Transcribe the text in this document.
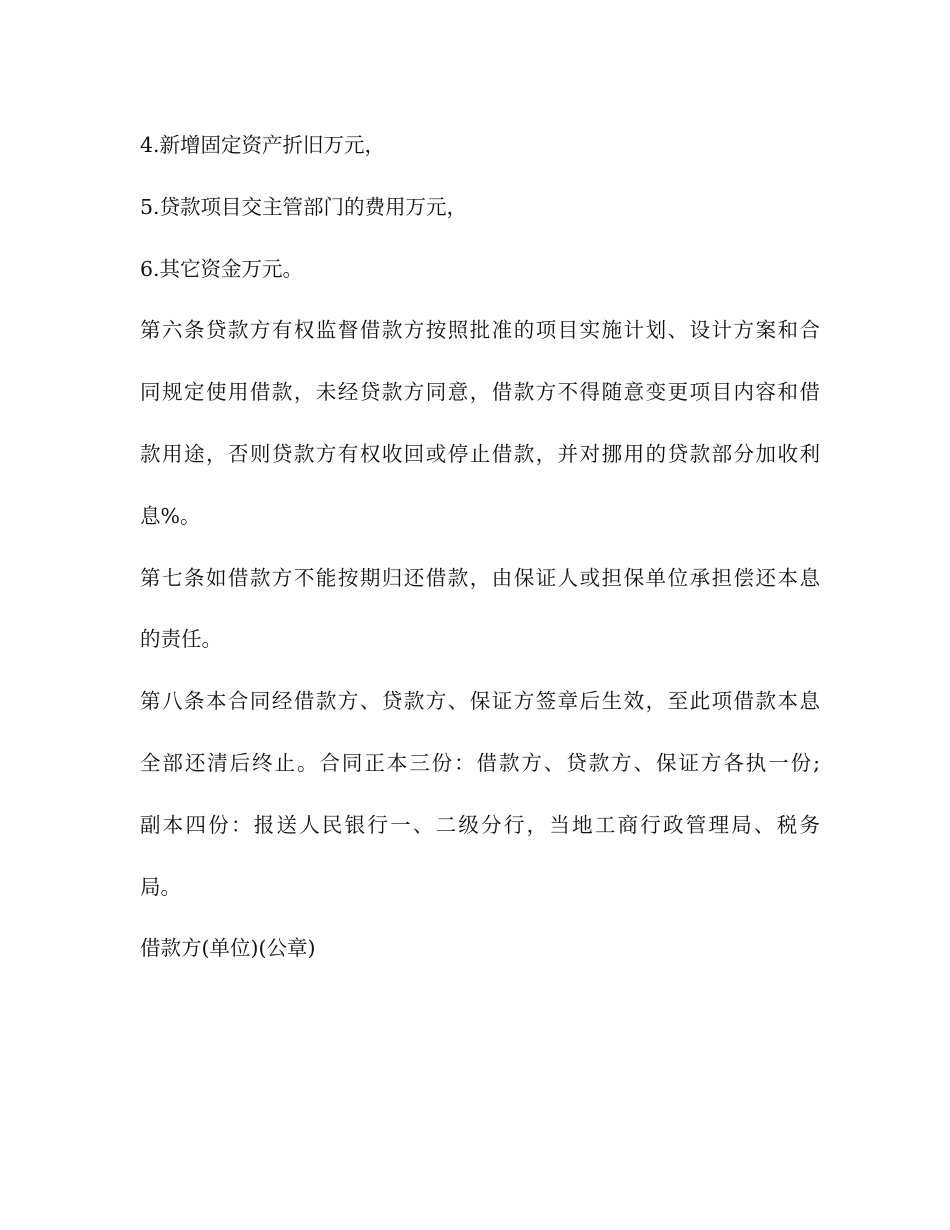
4.新增固定资产折旧万元，
5.贷款项目交主管部门的费用万元，
6.其它资金万元。
第六条贷款方有权监督借款方按照批准的项目实施计划、设计方案和合
同规定使用借款，未经贷款方同意，借款方不得随意变更项目内容和借
款用途，否则贷款方有权收回或停止借款，并对挪用的贷款部分加收利
息%。
第七条如借款方不能按期归还借款，由保证人或担保单位承担偿还本息
的责任。
第八条本合同经借款方、贷款方、保证方签章后生效，至此项借款本息
全部还清后终止。合同正本三份：借款方、贷款方、保证方各执一份;
副本四份：报送人民银行一、二级分行，当地工商行政管理局、税务
局。
借款方(单位)(公章)
